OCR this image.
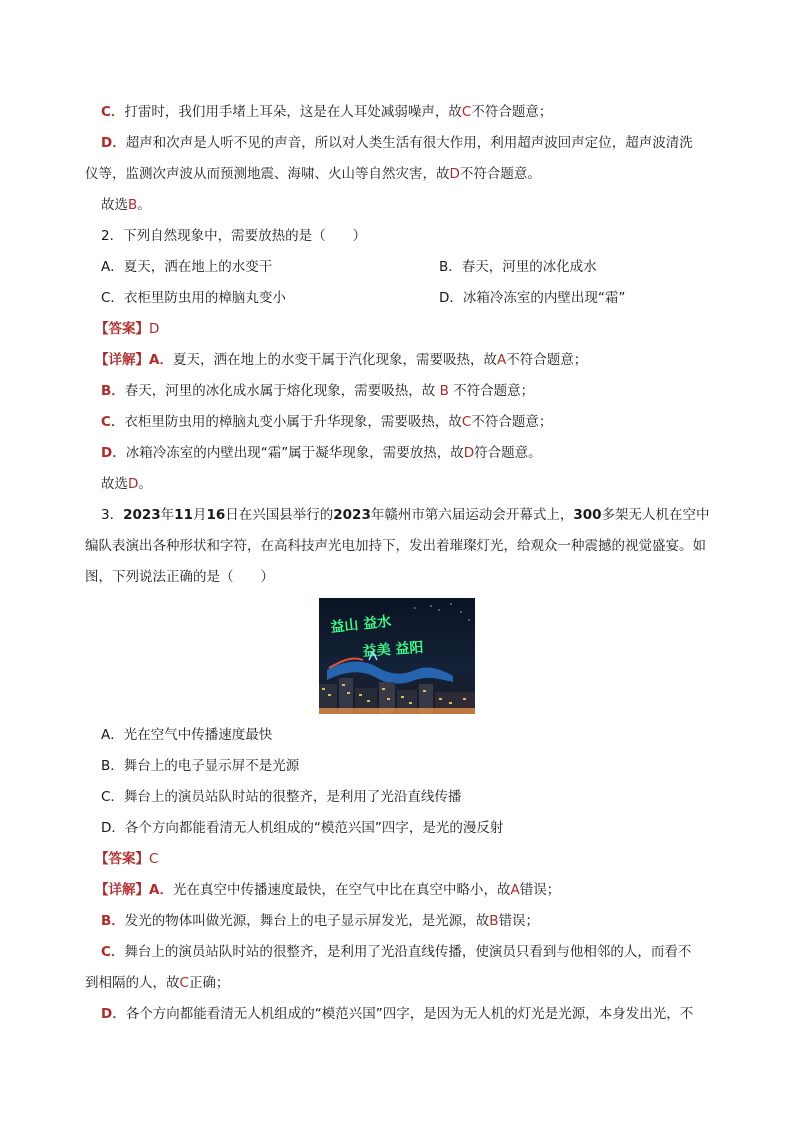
C．打雷时，我们用手堵上耳朵，这是在人耳处减弱噪声，故C不符合题意；
D．超声和次声是人听不见的声音，所以对人类生活有很大作用，利用超声波回声定位，超声波清洗
仪等，监测次声波从而预测地震、海啸、火山等自然灾害，故D不符合题意。
故选B。
2．下列自然现象中，需要放热的是（　　）
A．夏天，洒在地上的水变干	B．春天，河里的冰化成水
C．衣柜里防虫用的樟脑丸变小	D．冰箱冷冻室的内壁出现“霜”
【答案】D
【详解】A．夏天，洒在地上的水变干属于汽化现象，需要吸热，故A不符合题意；
B．春天，河里的冰化成水属于熔化现象，需要吸热，故 B 不符合题意；
C．衣柜里防虫用的樟脑丸变小属于升华现象，需要吸热，故C不符合题意；
D．冰箱冷冻室的内壁出现“霜”属于凝华现象，需要放热，故D符合题意。
故选D。
3．2023年11月16日在兴国县举行的2023年赣州市第六届运动会开幕式上，300多架无人机在空中
编队表演出各种形状和字符，在高科技声光电加持下，发出着璀璨灯光，给观众一种震撼的视觉盛宴。如
图，下列说法正确的是（　　）
益山 益水
益美 益阳
A．光在空气中传播速度最快
B．舞台上的电子显示屏不是光源
C．舞台上的演员站队时站的很整齐，是利用了光沿直线传播
D．各个方向都能看清无人机组成的“模范兴国”四字，是光的漫反射
【答案】C
【详解】A．光在真空中传播速度最快，在空气中比在真空中略小，故A错误；
B．发光的物体叫做光源，舞台上的电子显示屏发光，是光源，故B错误；
C．舞台上的演员站队时站的很整齐，是利用了光沿直线传播，使演员只看到与他相邻的人，而看不
到相隔的人，故C正确；
D．各个方向都能看清无人机组成的“模范兴国”四字，是因为无人机的灯光是光源，本身发出光，不
